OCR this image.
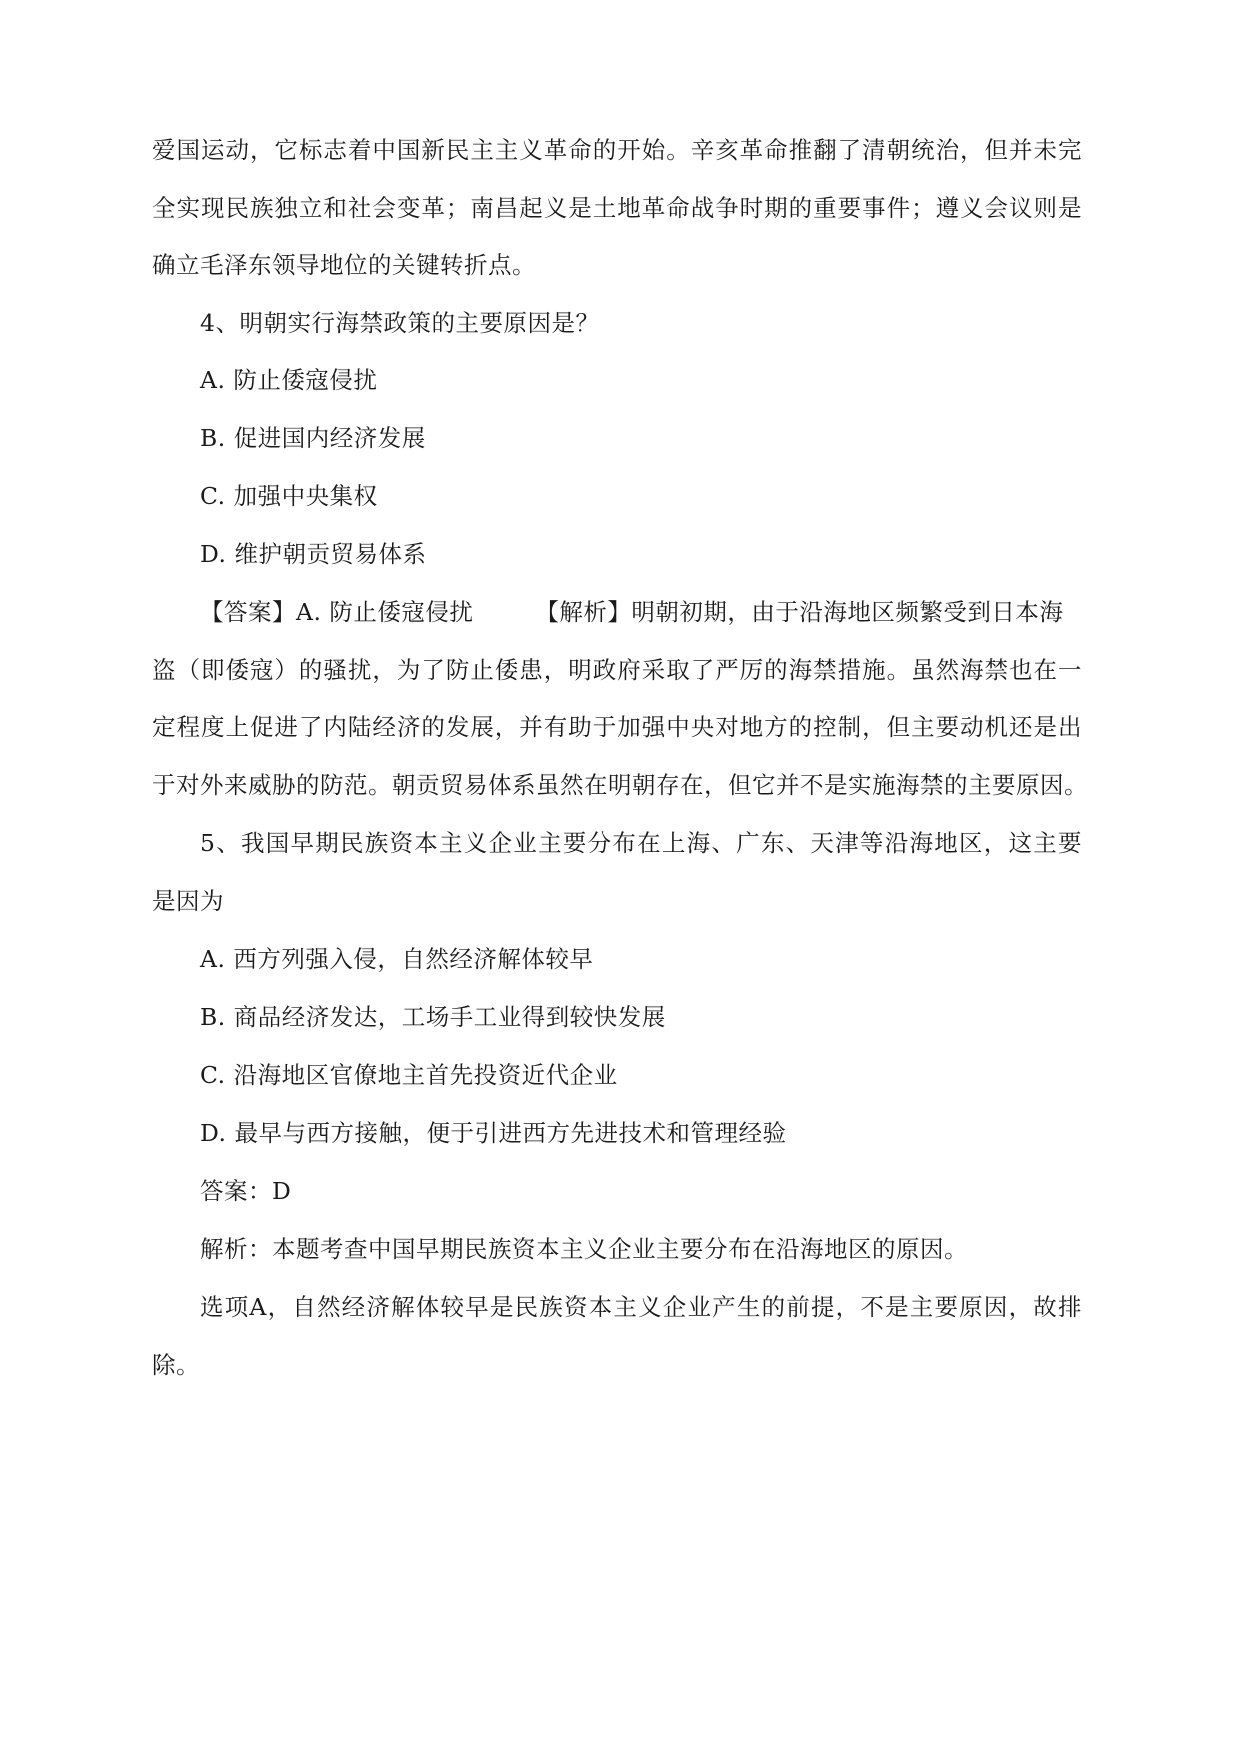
爱国运动，它标志着中国新民主主义革命的开始。辛亥革命推翻了清朝统治，但并未完
全实现民族独立和社会变革；南昌起义是土地革命战争时期的重要事件；遵义会议则是
确立毛泽东领导地位的关键转折点。
4、明朝实行海禁政策的主要原因是？
A. 防止倭寇侵扰
B. 促进国内经济发展
C. 加强中央集权
D. 维护朝贡贸易体系
【答案】A. 防止倭寇侵扰	【解析】明朝初期，由于沿海地区频繁受到日本海
盗（即倭寇）的骚扰，为了防止倭患，明政府采取了严厉的海禁措施。虽然海禁也在一
定程度上促进了内陆经济的发展，并有助于加强中央对地方的控制，但主要动机还是出
于对外来威胁的防范。朝贡贸易体系虽然在明朝存在，但它并不是实施海禁的主要原因。
5、我国早期民族资本主义企业主要分布在上海、广东、天津等沿海地区，这主要
是因为
A. 西方列强入侵，自然经济解体较早
B. 商品经济发达，工场手工业得到较快发展
C. 沿海地区官僚地主首先投资近代企业
D. 最早与西方接触，便于引进西方先进技术和管理经验
答案：D
解析：本题考查中国早期民族资本主义企业主要分布在沿海地区的原因。
选项A，自然经济解体较早是民族资本主义企业产生的前提，不是主要原因，故排
除。
